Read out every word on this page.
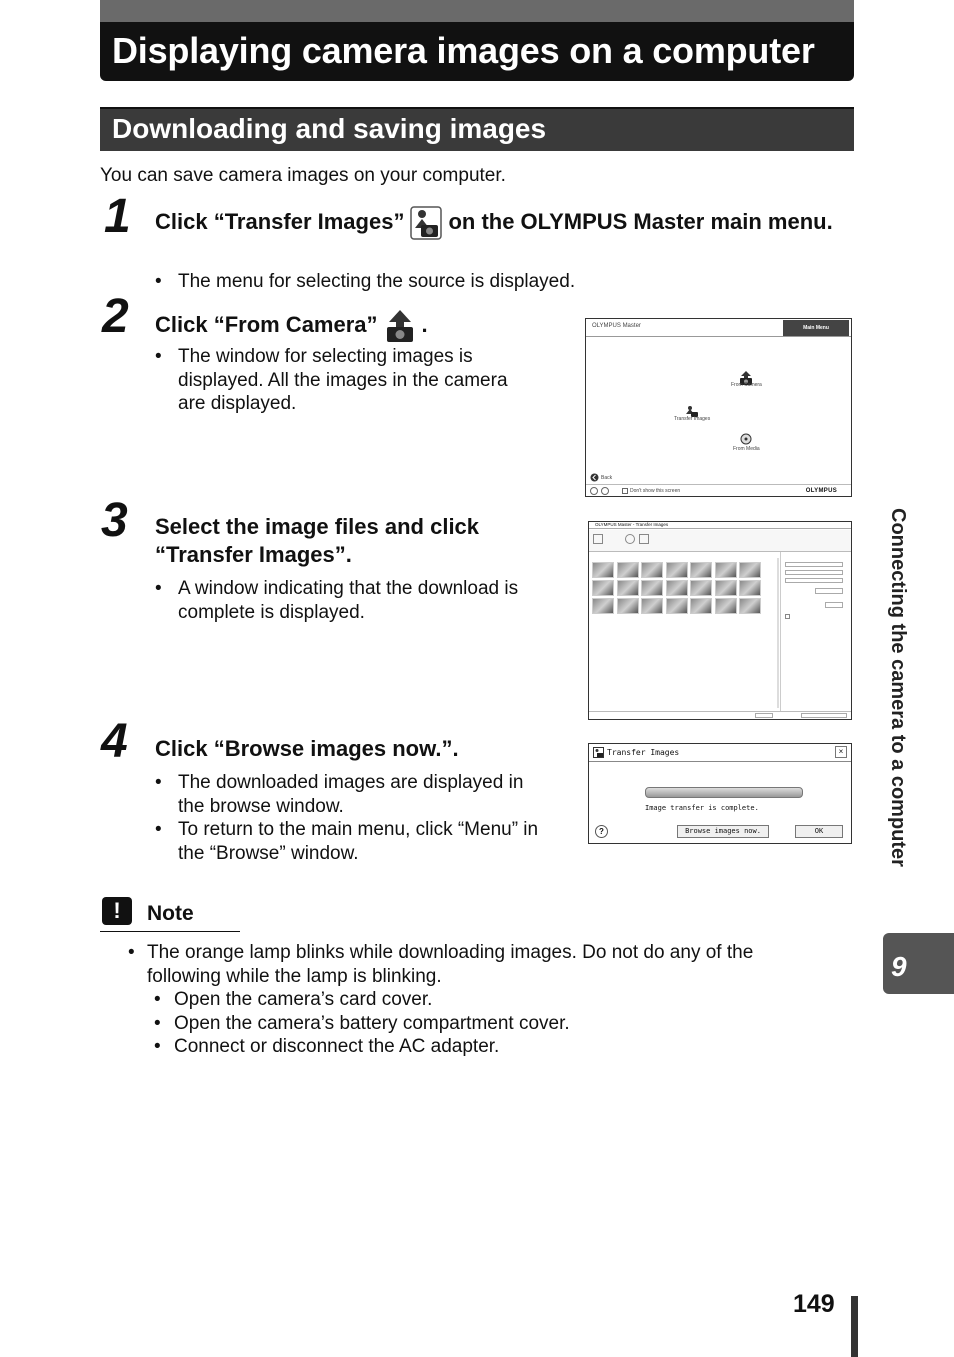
Displaying camera images on a computer
Downloading and saving images

You can save camera images on your computer.

1 Click “Transfer Images” on the OLYMPUS Master main menu.
• The menu for selecting the source is displayed.
2 Click “From Camera” .
• The window for selecting images is displayed. All the images in the camera are displayed.
OLYMPUS Master	Main Menu
From Camera
Transfer Images
From Media
Back
Don't show this screen	OLYMPUS
3 Select the image files and click “Transfer Images”.
• A window indicating that the download is complete is displayed.
OLYMPUS Master - Transfer Images
4 Click “Browse images now.”.
• The downloaded images are displayed in the browse window.
• To return to the main menu, click “Menu” in the “Browse” window.
Transfer Images	×
Image transfer is complete.
?	Browse images now.	OK
!	Note
• The orange lamp blinks while downloading images. Do not do any of the following while the lamp is blinking.
• Open the camera’s card cover.
• Open the camera’s battery compartment cover.
• Connect or disconnect the AC adapter.
Connecting the camera to a computer
9
149
